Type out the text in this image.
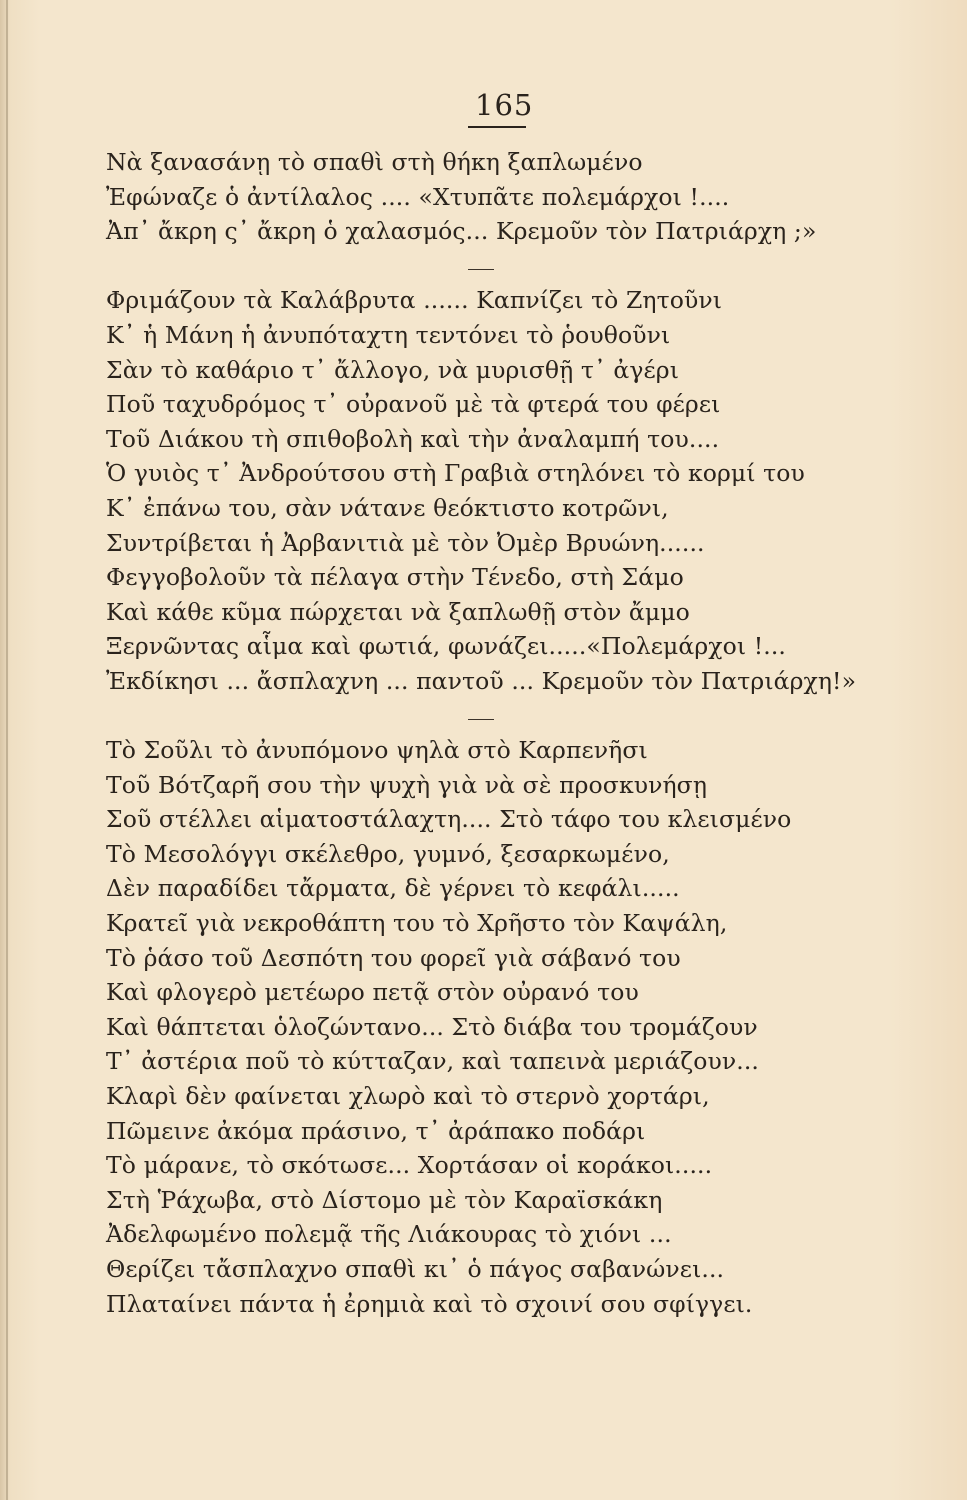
165
Νὰ ξανασάνῃ τὸ σπαθὶ στὴ θήκη ξαπλωμένο
Ἐφώναζε ὁ ἀντίλαλος .... «Χτυπᾶτε πολεμάρχοι !....
Ἀπ᾽ ἄκρη ς᾽ ἄκρη ὁ χαλασμός... Κρεμοῦν τὸν Πατριάρχη ;»
Φριμάζουν τὰ Καλάβρυτα ...... Καπνίζει τὸ Ζητοῦνι
Κ᾽ ἡ Μάνη ἡ ἀνυπόταχτη τεντόνει τὸ ῥουθοῦνι
Σὰν τὸ καθάριο τ᾽ ἄλλογο, νὰ μυρισθῇ τ᾽ ἀγέρι
Ποῦ ταχυδρόμος τ᾽ οὐρανοῦ μὲ τὰ φτερά του φέρει
Τοῦ Διάκου τὴ σπιθοβολὴ καὶ τὴν ἀναλαμπή του....
Ὁ γυιὸς τ᾽ Ἀνδρούτσου στὴ Γραβιὰ στηλόνει τὸ κορμί του
Κ᾽ ἐπάνω του, σὰν νάτανε θεόκτιστο κοτρῶνι,
Συντρίβεται ἡ Ἀρβανιτιὰ μὲ τὸν Ὀμὲρ Βρυώνη......
Φεγγοβολοῦν τὰ πέλαγα στὴν Τένεδο, στὴ Σάμο
Καὶ κάθε κῦμα πώρχεται νὰ ξαπλωθῇ στὸν ἄμμο
Ξερνῶντας αἷμα καὶ φωτιά, φωνάζει.....«Πολεμάρχοι !...
Ἐκδίκησι ... ἄσπλαχνη ... παντοῦ ... Κρεμοῦν τὸν Πατριάρχη!»
Τὸ Σοῦλι τὸ ἀνυπόμονο ψηλὰ στὸ Καρπενῆσι
Τοῦ Βότζαρῆ σου τὴν ψυχὴ γιὰ νὰ σὲ προσκυνήσῃ
Σοῦ στέλλει αἱματοστάλαχτη.... Στὸ τάφο του κλεισμένο
Τὸ Μεσολόγγι σκέλεθρο, γυμνό, ξεσαρκωμένο,
Δὲν παραδίδει τἄρματα, δὲ γέρνει τὸ κεφάλι.....
Κρατεῖ γιὰ νεκροθάπτη του τὸ Χρῆστο τὸν Καψάλη,
Τὸ ῥάσο τοῦ Δεσπότη του φορεῖ γιὰ σάβανό του
Καὶ φλογερὸ μετέωρο πετᾷ στὸν οὐρανό του
Καὶ θάπτεται ὁλοζώντανο... Στὸ διάβα του τρομάζουν
Τ᾽ ἀστέρια ποῦ τὸ κύτταζαν, καὶ ταπεινὰ μεριάζουν...
Κλαρὶ δὲν φαίνεται χλωρὸ καὶ τὸ στερνὸ χορτάρι,
Πῶμεινε ἀκόμα πράσινο, τ᾽ ἀράπακο ποδάρι
Τὸ μάρανε, τὸ σκότωσε... Χορτάσαν οἱ κοράκοι.....
Στὴ Ῥάχωβα, στὸ Δίστομο μὲ τὸν Καραϊσκάκη
Ἀδελφωμένο πολεμᾷ τῆς Λιάκουρας τὸ χιόνι ...
Θερίζει τἄσπλαχνο σπαθὶ κι᾽ ὁ πάγος σαβανώνει...
Πλαταίνει πάντα ἡ ἐρημιὰ καὶ τὸ σχοινί σου σφίγγει.
